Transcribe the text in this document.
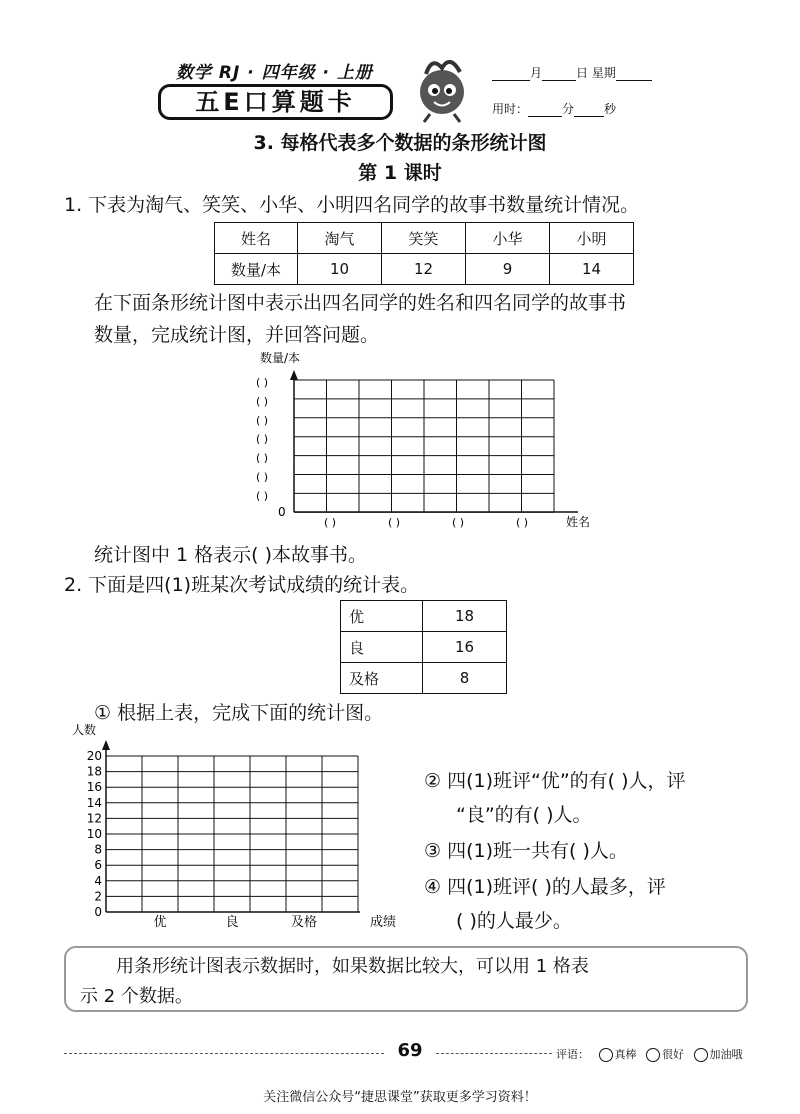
数学 RJ · 四年级 · 上册
五E口算题卡
月	日 星期
用时：	分	秒
3. 每格代表多个数据的条形统计图
第 1 课时
1. 下表为淘气、笑笑、小华、小明四名同学的故事书数量统计情况。
姓名	淘气	笑笑	小华	小明
数量/本	10	12	9	14
在下面条形统计图中表示出四名同学的姓名和四名同学的故事书
数量，完成统计图，并回答问题。
数量/本
( )
( )
( )
( )
( )
( )
( )
0
( )	( )	( )	( )	姓名
统计图中 1 格表示( )本故事书。
2. 下面是四(1)班某次考试成绩的统计表。
优	18
良	16
及格	8
① 根据上表，完成下面的统计图。
人数
0
2
4
6
8
10
12
14
16
18
20
优	良	及格	成绩
② 四(1)班评“优”的有( )人，评
“良”的有( )人。
③ 四(1)班一共有( )人。
④ 四(1)班评( )的人最多，评
( )的人最少。
用条形统计图表示数据时，如果数据比较大，可以用 1 格表
示 2 个数据。
69	评语： 真棒 很好 加油哦
关注微信公众号“捷思课堂”获取更多学习资料！
